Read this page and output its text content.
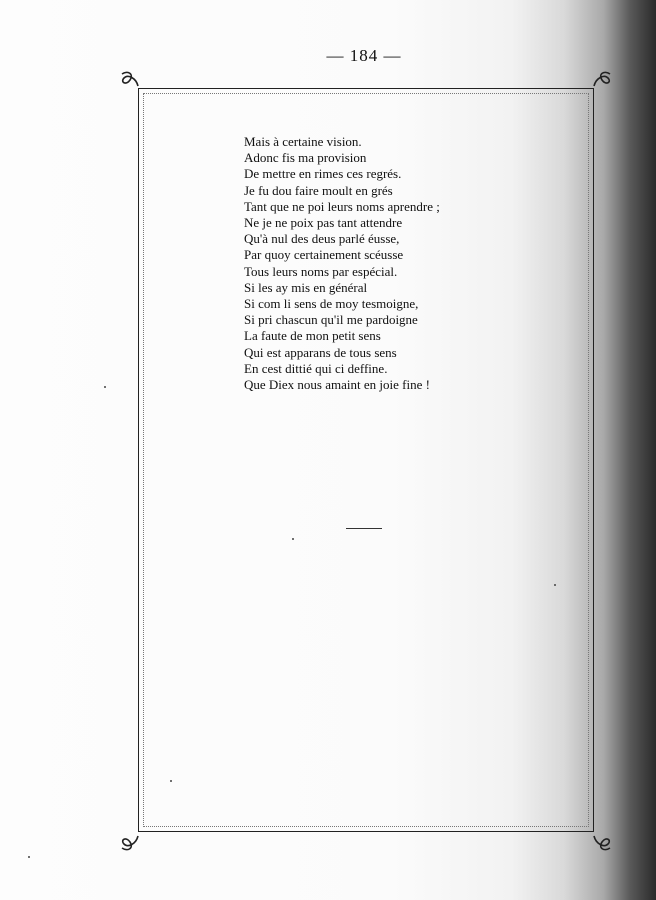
— 184 —
Mais à certaine vision.
Adonc fis ma provision
De mettre en rimes ces regrés.
Je fu dou faire moult en grés
Tant que ne poi leurs noms aprendre ;
Ne je ne poix pas tant attendre
Qu'à nul des deus parlé éusse,
Par quoy certainement scéusse
Tous leurs noms par espécial.
Si les ay mis en général
Si com li sens de moy tesmoigne,
Si pri chascun qu'il me pardoigne
La faute de mon petit sens
Qui est apparans de tous sens
En cest dittié qui ci deffine.
Que Diex nous amaint en joie fine !
